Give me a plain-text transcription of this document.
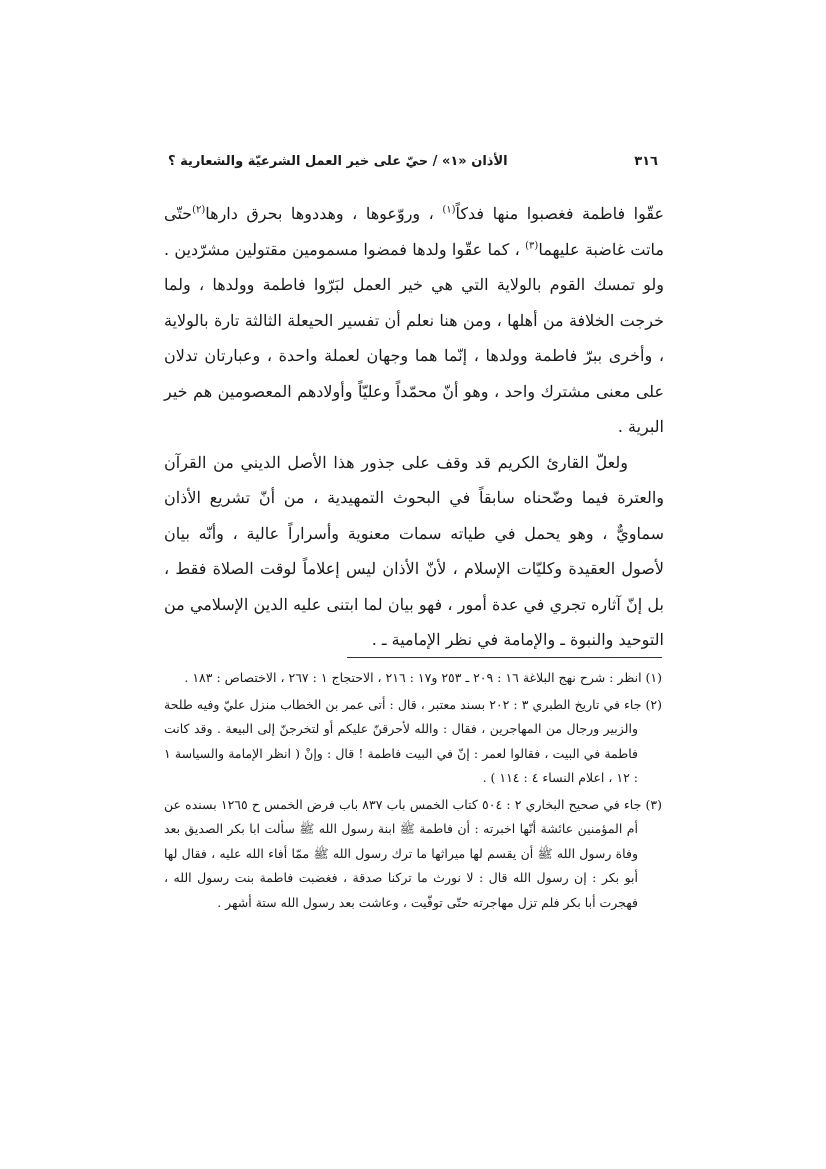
٣١٦
الأذان «١» / حيّ على خير العمل الشرعيّة والشعارية ؟

عقّوا فاطمة فغصبوا منها فدكاً$^{(١)}$ ، وروّعوها ، وهددوها بحرق دارها$^{(٢)}$حتّى ماتت غاضبة عليهما$^{(٣)}$ ، كما عقّوا ولدها فمضوا مسمومين مقتولين مشرّدين . ولو تمسك القوم بالولاية التي هي خير العمل لبَرّوا فاطمة وولدها ، ولما خرجت الخلافة من أهلها ، ومن هنا نعلم أن تفسير الحيعلة الثالثة تارة بالولاية ، وأخرى ببرّ فاطمة وولدها ، إنّما هما وجهان لعملة واحدة ، وعبارتان تدلان على معنى مشترك واحد ، وهو أنّ محمّداً وعليّاً وأولادهم المعصومين هم خير البرية .

ولعلّ القارئ الكريم قد وقف على جذور هذا الأصل الديني من القرآن والعترة فيما وضّحناه سابقاً في البحوث التمهيدية ، من أنّ تشريع الأذان سماويٌّ ، وهو يحمل في طياته سمات معنوية وأسراراً عالية ، وأنّه بيان لأصول العقيدة وكليّات الإسلام ، لأنّ الأذان ليس إعلاماً لوقت الصلاة فقط ، بل إنّ آثاره تجري في عدة أمور ، فهو بيان لما ابتنى عليه الدين الإسلامي من التوحيد والنبوة ـ والإمامة في نظر الإمامية ـ .

(١) انظر : شرح نهج البلاغة ١٦ : ٢٠٩ ـ ٢٥٣ و١٧ : ٢١٦ ، الاحتجاج ١ : ٢٦٧ ، الاختصاص : ١٨٣ .

(٢) جاء في تاريخ الطبري ٣ : ٢٠٢ بسند معتبر ، قال : أتى عمر بن الخطاب منزل عليّ وفيه طلحة والزبير ورجال من المهاجرين ، فقال : والله لأحرقنّ عليكم أو لتخرجنّ إلى البيعة . وقد كانت فاطمة في البيت ، فقالوا لعمر : إنّ في البيت فاطمة ! قال : وإنْ ( انظر الإمامة والسياسة ١ : ١٢ ، اعلام النساء ٤ : ١١٤ ) .

(٣) جاء في صحيح البخاري ٢ : ٥٠٤ كتاب الخمس باب ٨٣٧ باب فرض الخمس ح ١٢٦٥ بسنده عن أم المؤمنين عائشة أنّها اخبرته : أن فاطمة ﷺ ابنة رسول الله ﷺ سألت ابا بكر الصديق بعد وفاة رسول الله ﷺ أن يقسم لها ميراثها ما ترك رسول الله ﷺ ممّا أفاء الله عليه ، فقال لها أبو بكر : إن رسول الله قال : لا نورث ما تركنا صدقة ، فغضبت فاطمة بنت رسول الله ، فهجرت أبا بكر فلم تزل مهاجرته حتّى توفّيت ، وعاشت بعد رسول الله ستة أشهر .
